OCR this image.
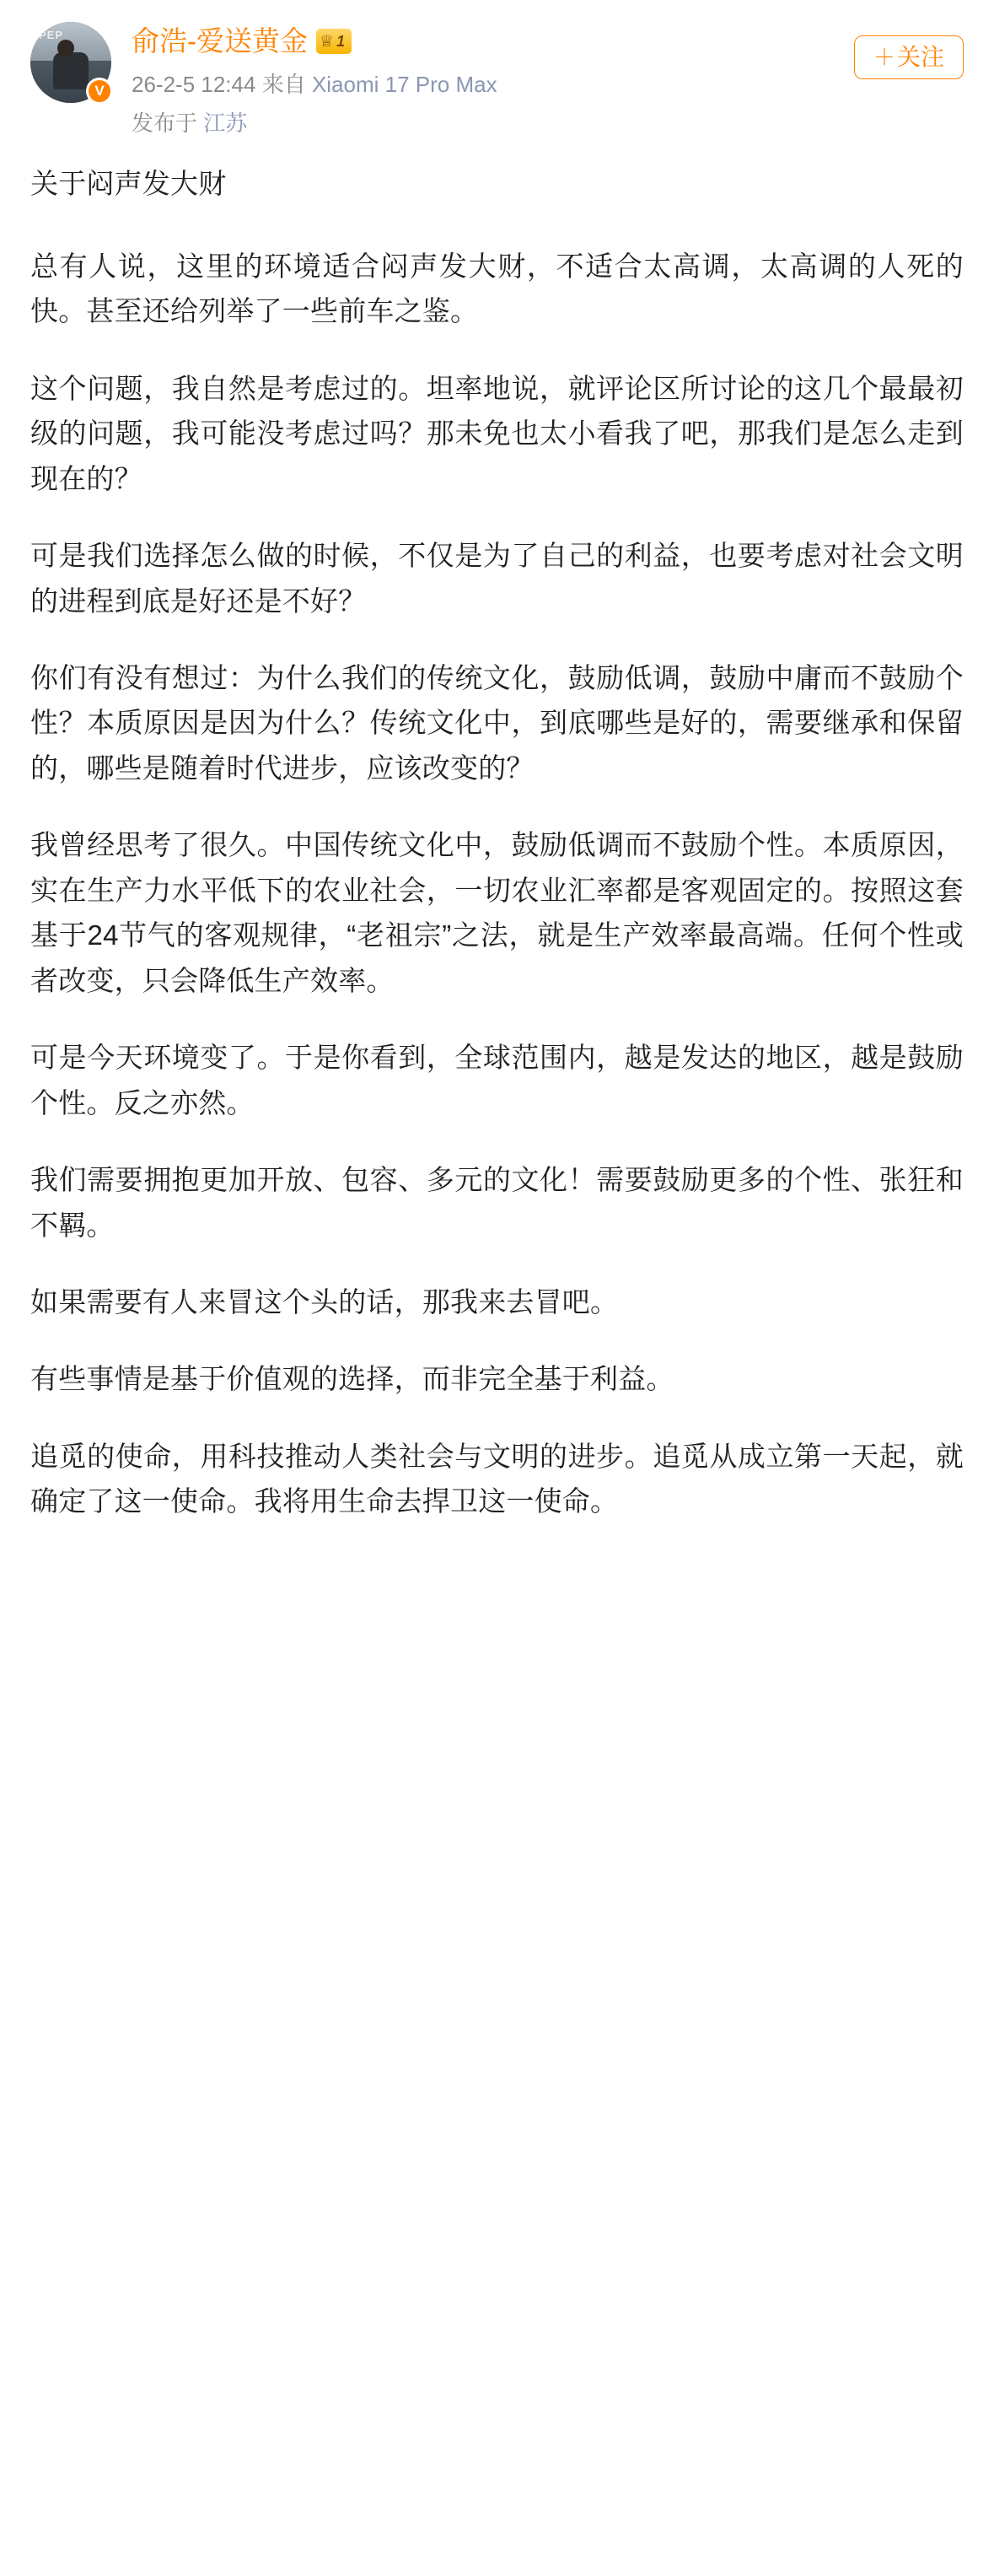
PEP
V
俞浩-爱送黄金 ♕ 1
26-2-5 12:44 来自 Xiaomi 17 Pro Max
发布于 江苏
＋关注

关于闷声发大财

总有人说，这里的环境适合闷声发大财，不适合太高调，太高调的人死的快。甚至还给列举了一些前车之鉴。

这个问题，我自然是考虑过的。坦率地说，就评论区所讨论的这几个最最初级的问题，我可能没考虑过吗？那未免也太小看我了吧，那我们是怎么走到现在的？

可是我们选择怎么做的时候，不仅是为了自己的利益，也要考虑对社会文明的进程到底是好还是不好？

你们有没有想过：为什么我们的传统文化，鼓励低调，鼓励中庸而不鼓励个性？本质原因是因为什么？传统文化中，到底哪些是好的，需要继承和保留的，哪些是随着时代进步，应该改变的？

我曾经思考了很久。中国传统文化中，鼓励低调而不鼓励个性。本质原因，实在生产力水平低下的农业社会，一切农业汇率都是客观固定的。按照这套基于24节气的客观规律，“老祖宗”之法，就是生产效率最高端。任何个性或者改变，只会降低生产效率。

可是今天环境变了。于是你看到，全球范围内，越是发达的地区，越是鼓励个性。反之亦然。

我们需要拥抱更加开放、包容、多元的文化！需要鼓励更多的个性、张狂和不羁。

如果需要有人来冒这个头的话，那我来去冒吧。

有些事情是基于价值观的选择，而非完全基于利益。

追觅的使命，用科技推动人类社会与文明的进步。追觅从成立第一天起，就确定了这一使命。我将用生命去捍卫这一使命。
